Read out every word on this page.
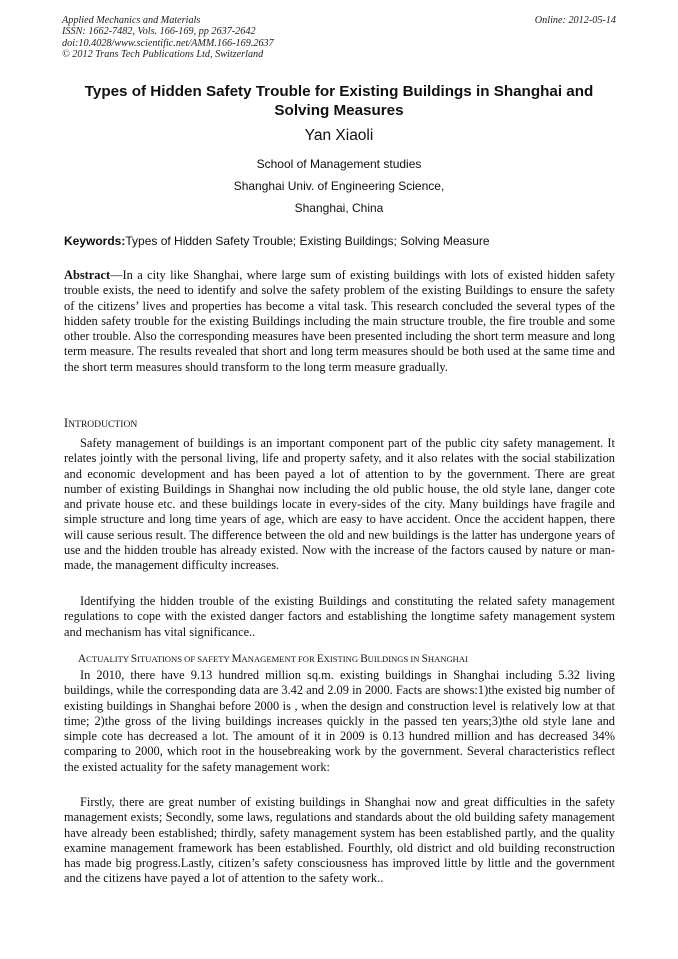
Applied Mechanics and Materials
ISSN: 1662-7482, Vols. 166-169, pp 2637-2642
doi:10.4028/www.scientific.net/AMM.166-169.2637
© 2012 Trans Tech Publications Ltd, Switzerland
Online: 2012-05-14
Types of Hidden Safety Trouble for Existing Buildings in Shanghai and
Solving Measures
Yan Xiaoli
School of Management studies
Shanghai Univ. of Engineering Science,
Shanghai, China
Keywords:Types of Hidden Safety Trouble; Existing Buildings; Solving Measure

Abstract—In a city like Shanghai, where large sum of existing buildings with lots of existed hidden safety trouble exists, the need to identify and solve the safety problem of the existing Buildings to ensure the safety of the citizens’ lives and properties has become a vital task. This research concluded the several types of the hidden safety trouble for the existing Buildings including the main structure trouble, the fire trouble and some other trouble. Also the corresponding measures have been presented including the short term measure and long term measure. The results revealed that short and long term measures should be both used at the same time and the short term measures should transform to the long term measure gradually.

INTRODUCTION

Safety management of buildings is an important component part of the public city safety management. It relates jointly with the personal living, life and property safety, and it also relates with the social stabilization and economic development and has been payed a lot of attention to by the government. There are great number of existing Buildings in Shanghai now including the old public house, the old style lane, danger cote and private house etc. and these buildings locate in every-sides of the city. Many buildings have fragile and simple structure and long time years of age, which are easy to have accident. Once the accident happen, there will cause serious result. The difference between the old and new buildings is the latter has undergone years of use and the hidden trouble has already existed. Now with the increase of the factors caused by nature or man-made, the management difficulty increases.

Identifying the hidden trouble of the existing Buildings and constituting the related safety management regulations to cope with the existed danger factors and establishing the longtime safety management system and mechanism has vital significance..

ACTUALITY SITUATIONS OF SAFETY MANAGEMENT FOR EXISTING BUILDINGS IN SHANGHAI

In 2010, there have 9.13 hundred million sq.m. existing buildings in Shanghai including 5.32 living buildings, while the corresponding data are 3.42 and 2.09 in 2000. Facts are shows:1)the existed big number of existing buildings in Shanghai before 2000 is , when the design and construction level is relatively low at that time; 2)the gross of the living buildings increases quickly in the passed ten years;3)the old style lane and simple cote has decreased a lot. The amount of it in 2009 is 0.13 hundred million and has decreased 34% comparing to 2000, which root in the housebreaking work by the government. Several characteristics reflect the existed actuality for the safety management work:

Firstly, there are great number of existing buildings in Shanghai now and great difficulties in the safety management exists; Secondly, some laws, regulations and standards about the old building safety management have already been established; thirdly, safety management system has been established partly, and the quality examine management framework has been established. Fourthly, old district and old building reconstruction has made big progress.Lastly, citizen’s safety consciousness has improved little by little and the government and the citizens have payed a lot of attention to the safety work..
